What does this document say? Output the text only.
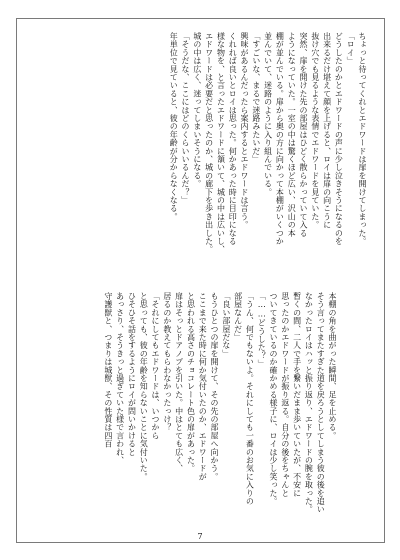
ちょっと待ってくれとエドワードは扉を開けてしまった。
「ロイ」
どうしたのかとエドワードの声に少し泣きそうになるのを
出来るだけ堪えて顔を上げると、ロイは扉の向こうに
抜け穴でも見るような表情でエドワードを見ていた。
突然、扉を開けた先の部屋はひどく散らかっていて入る
ようになっていた。一室の中は驚くほど広い、沢山の本
棚が並んでいる。扉から奥の方に向かって本棚がいくつか
並んでいて、迷路のように入り組んでいる。
「すごいな、まるで迷路みたいだ」
興味があるんだったら案内するとエドワードは言う。
くれれば良いとロイは思った。何かあった時に目印になる
様な物を、と言ったエドワードに頷いて、城の中は広いし、
エドワードは必要だと思ったのか、城の廊下を歩き出した。
城の中は広く、迷ってしまいそうになる。
「そうだな、ここにはどのくらいいるんだ？」
年単位で見ていると、彼の年齢が分からなくなる。
本棚の角を曲がった瞬間、足を止める。
そう言ってまたすぎた道を戻ろうとしてしまう彼の後を追い
なかったロイはハッと振り返り、エドワードの腕を取った。
暫くの間、二人で手を繋いだまま歩いていたが、不安に
思ったのかエドワードが振り返る。自分の後をちゃんと
ついてきているのか確かめる様子に、ロイは少し笑った。
「……どうした？」
「うん、何でもないよ。それにしても一番のお気に入りの
部屋なんだ」
「良い部屋だな」
もうひとつの扉を開けて、その先の部屋へ向かう。
ここまで来た時に何か気付いたのか、エドワードが
と思われる高さのチョコレート色の扉があった。
扉はそっとドアノブを引いた。中はとても広く、
居るのか教えてもらわなかったっけ？
「それにしてもエドワードは、いつから
と思っても、彼の年齢を知らないことに気付いた。
ひそひそ話をするようにロイが問いかけると
あっさり、そうきっと過ぎていた様で言われ、
守護獣と、つまりは城獣、その性質は四百
7
